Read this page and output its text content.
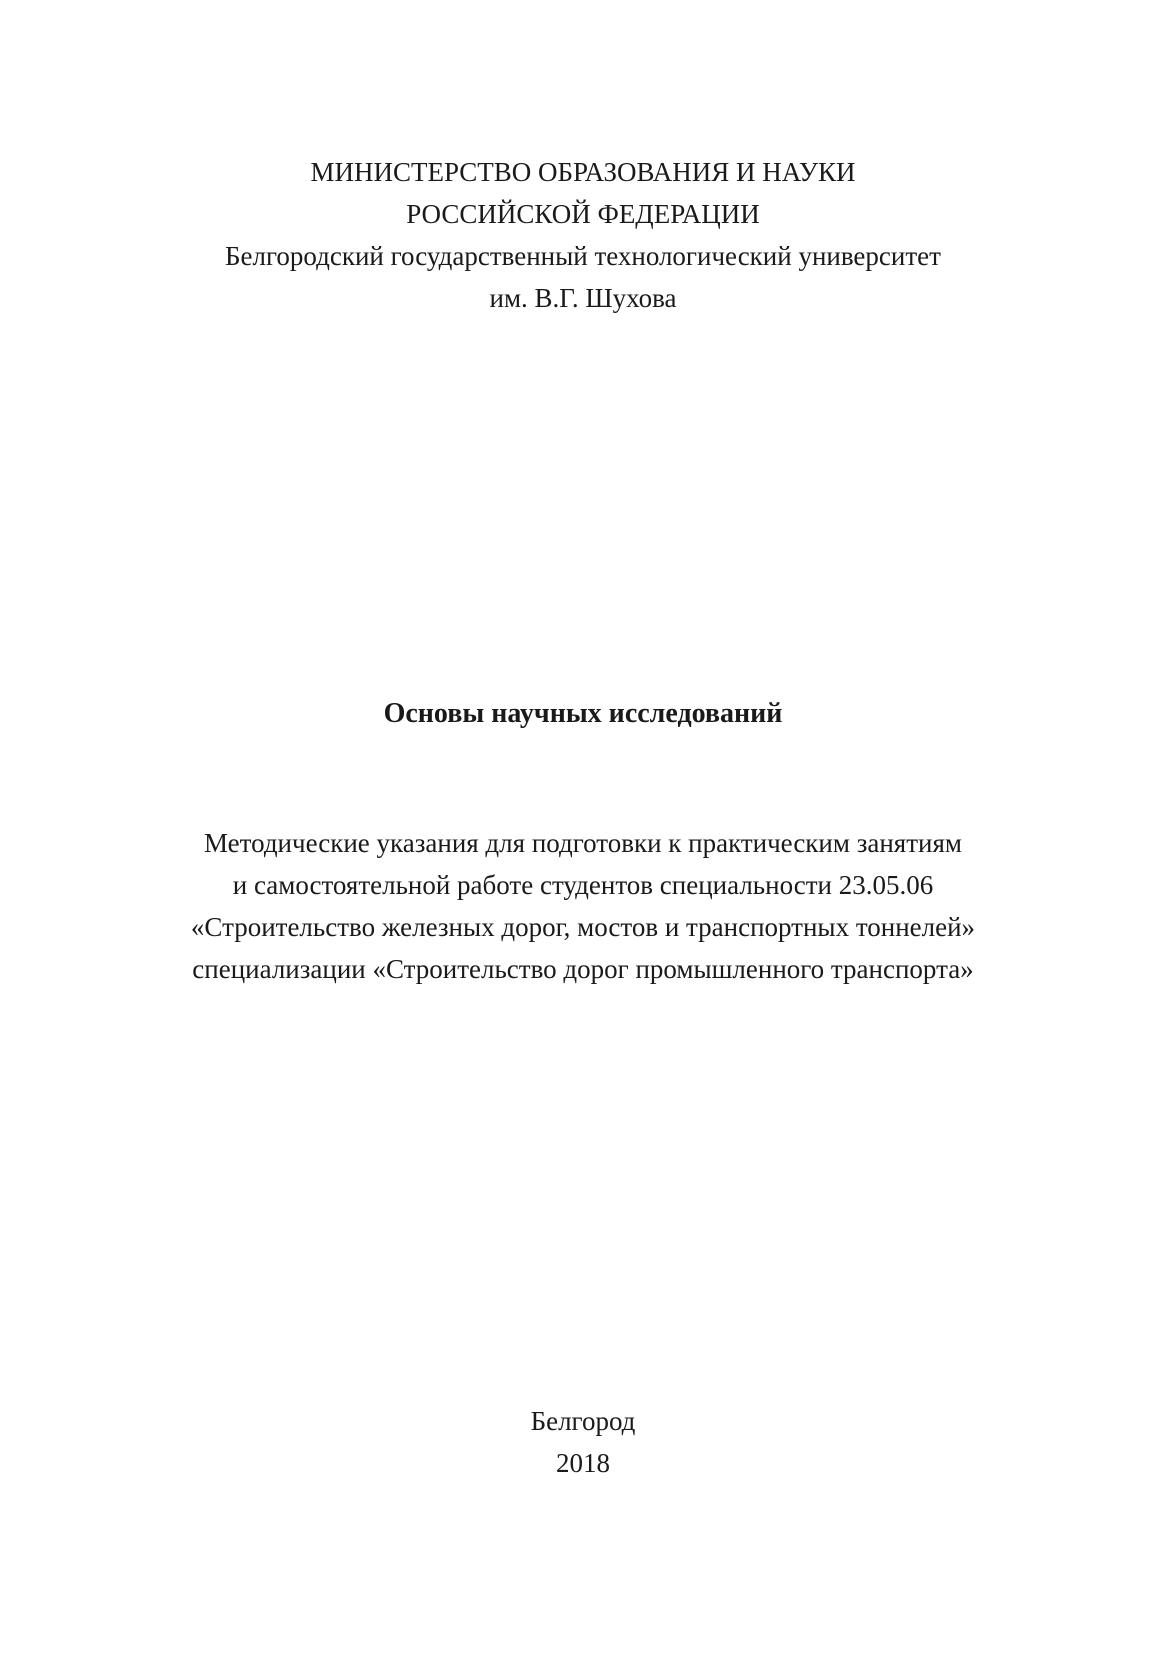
МИНИСТЕРСТВО ОБРАЗОВАНИЯ И НАУКИ
РОССИЙСКОЙ ФЕДЕРАЦИИ
Белгородский государственный технологический университет
им. В.Г. Шухова
Основы научных исследований
Методические указания для подготовки к практическим занятиям
и самостоятельной работе студентов специальности 23.05.06
«Строительство железных дорог, мостов и транспортных тоннелей»
специализации «Строительство дорог промышленного транспорта»
Белгород
2018
